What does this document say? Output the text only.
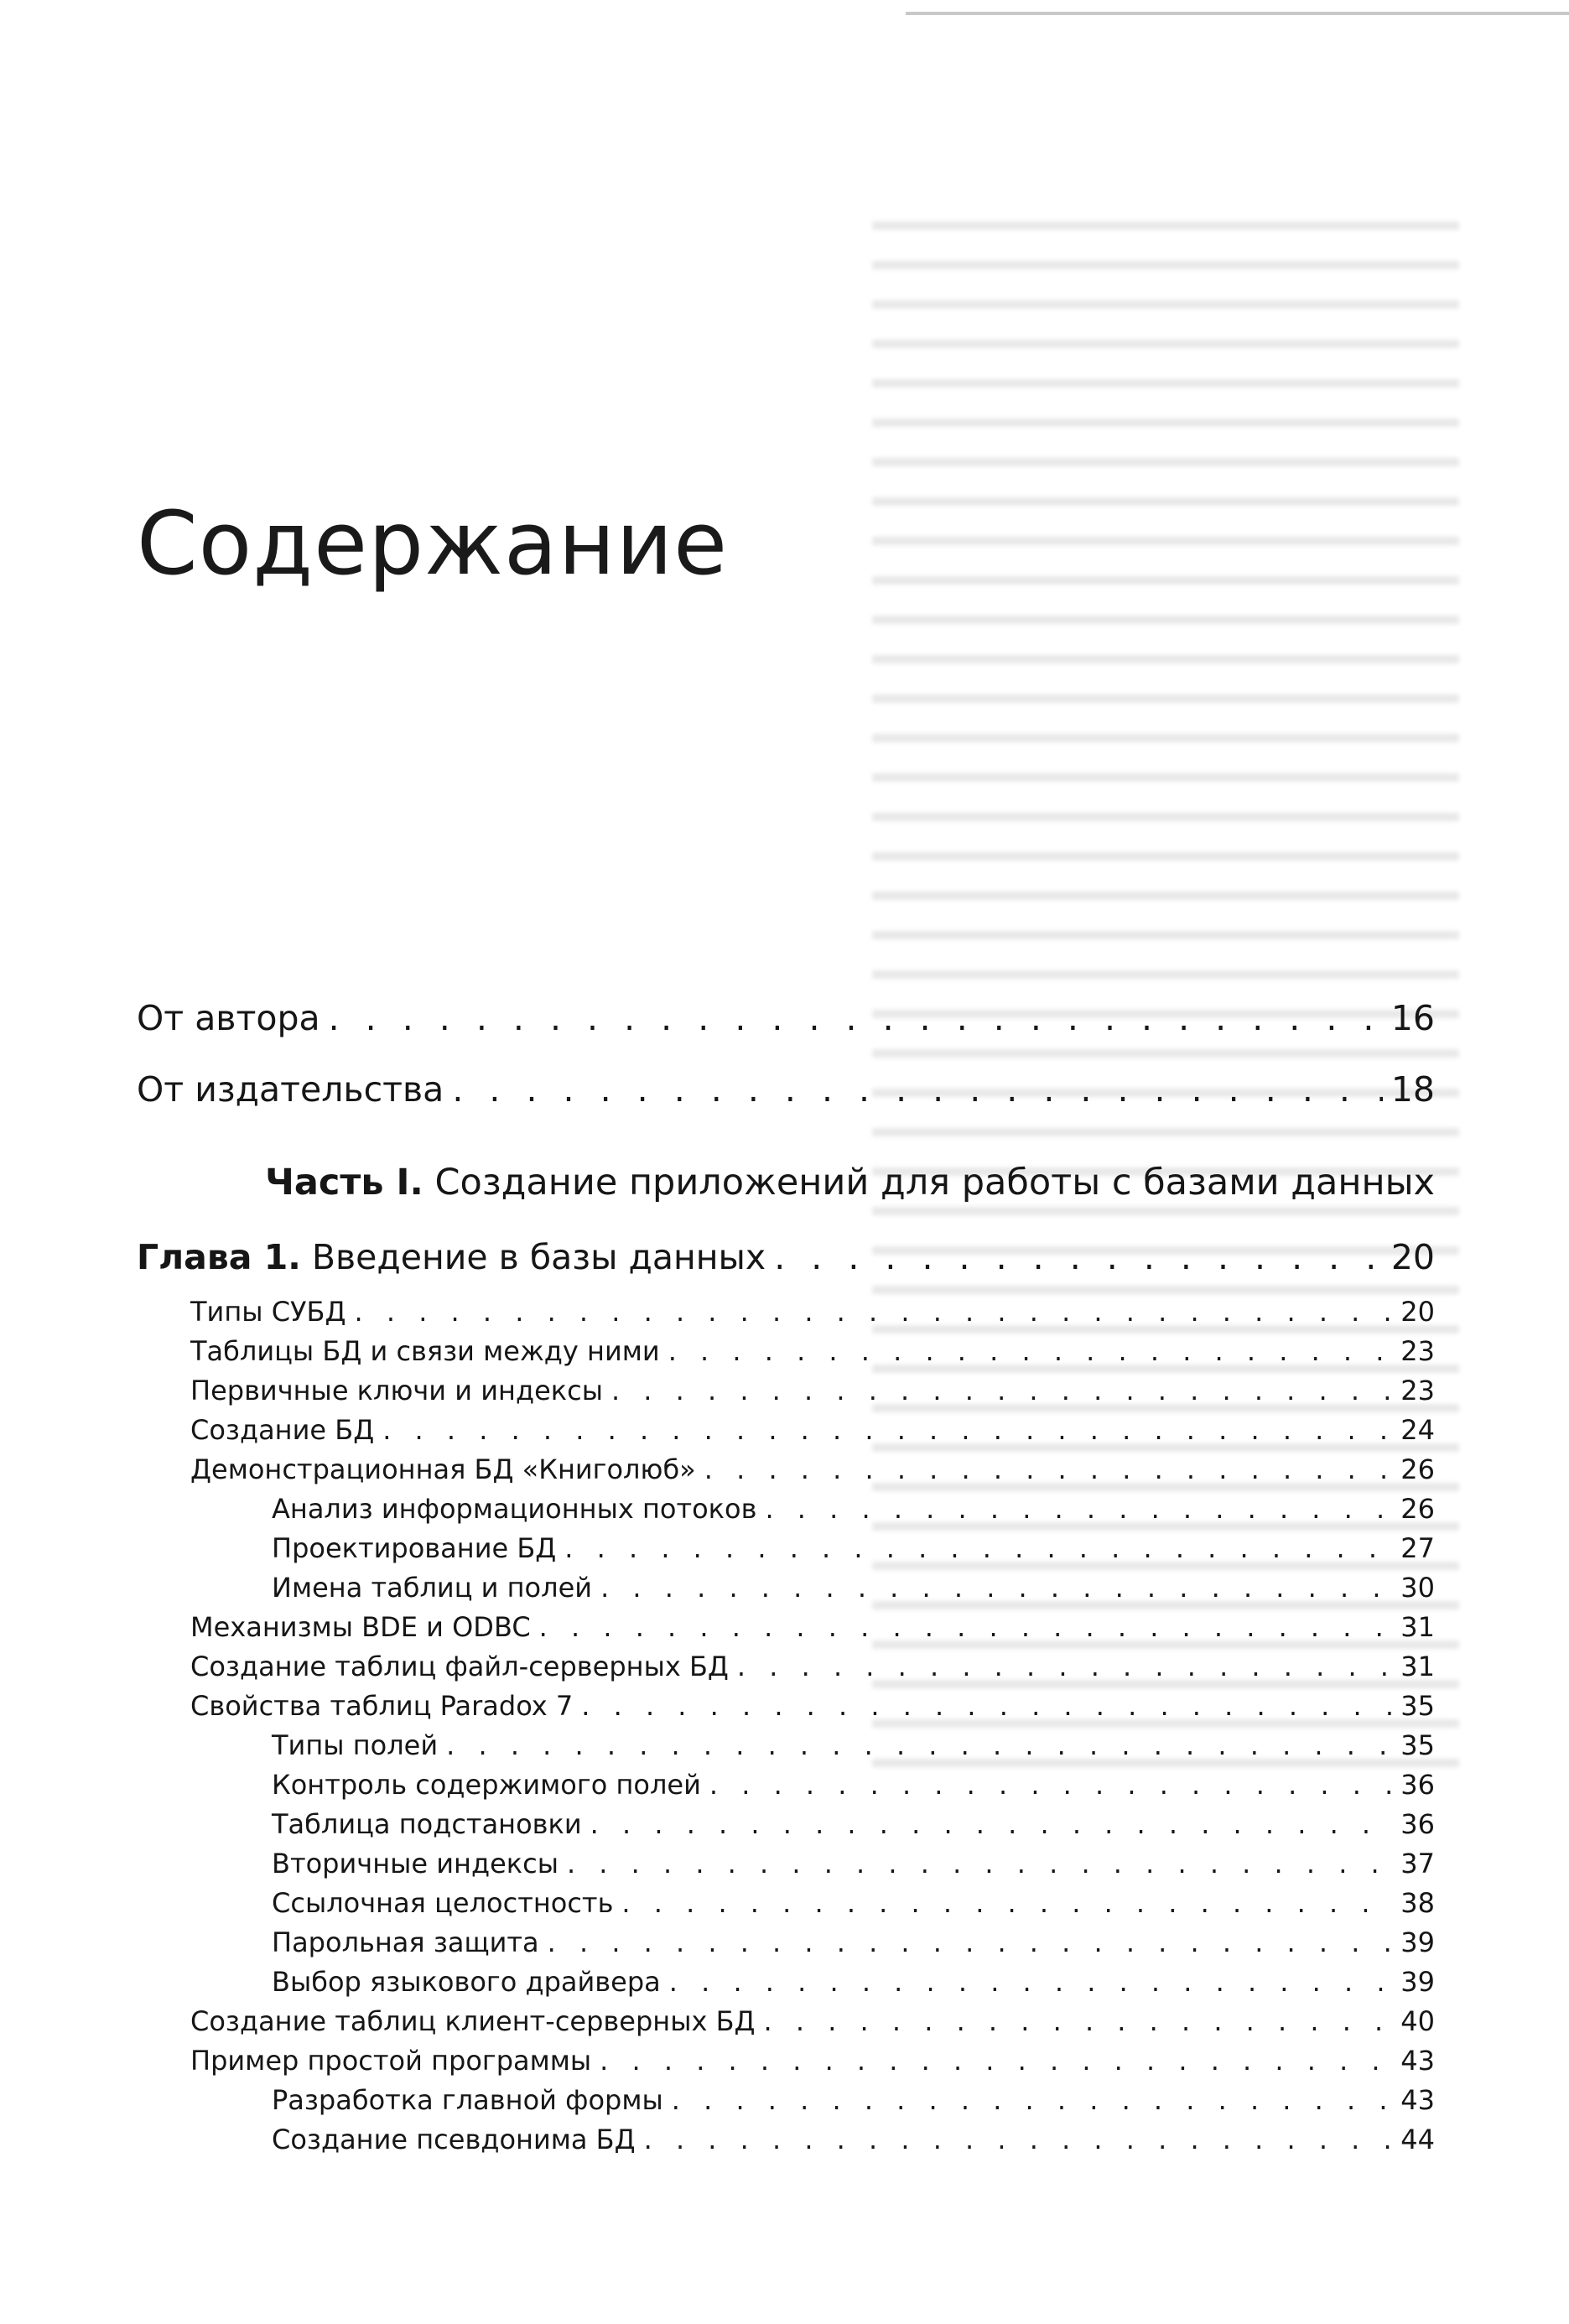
Содержание
От автора . . .	16
От издательства . . .	18
Часть I. Создание приложений для работы с базами данных
Глава 1. Введение в базы данных . . .	20
Типы СУБД . . .	20
Таблицы БД и связи между ними . . .	23
Первичные ключи и индексы . . .	23
Создание БД . . .	24
Демонстрационная БД «Книголюб» . . .	26
Анализ информационных потоков . . .	26
Проектирование БД . . .	27
Имена таблиц и полей . . .	30
Механизмы BDE и ODBC . . .	31
Создание таблиц файл-серверных БД . . .	31
Свойства таблиц Paradox 7 . . .	35
Типы полей . . .	35
Контроль содержимого полей . . .	36
Таблица подстановки . . .	36
Вторичные индексы . . .	37
Ссылочная целостность . . .	38
Парольная защита . . .	39
Выбор языкового драйвера . . .	39
Создание таблиц клиент-серверных БД . . .	40
Пример простой программы . . .	43
Разработка главной формы . . .	43
Создание псевдонима БД . . .	44
